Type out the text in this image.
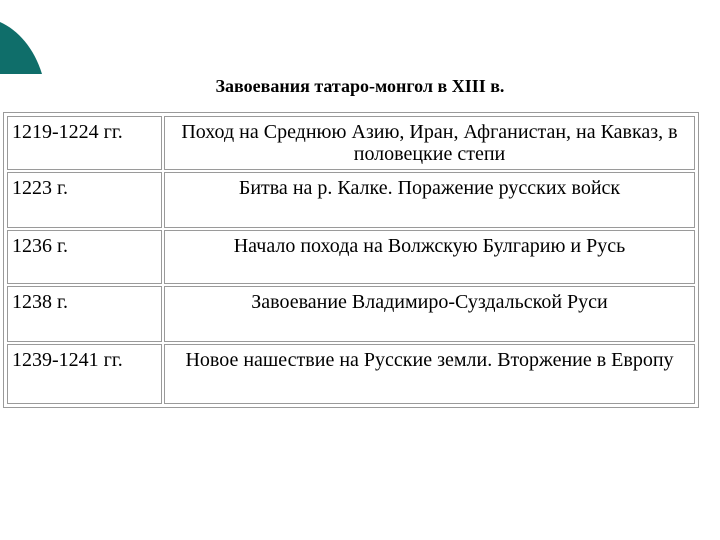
Завоевания татаро-монгол в XIII в.
1219-1224 гг.	Поход на Среднюю Азию, Иран, Афганистан, на Кавказ, в половецкие степи
1223 г.	Битва на р. Калке. Поражение русских войск
1236 г.	Начало похода на Волжскую Булгарию и Русь
1238 г.	Завоевание Владимиро-Суздальской Руси
1239-1241 гг.	Новое нашествие на Русские земли. Вторжение в Европу
